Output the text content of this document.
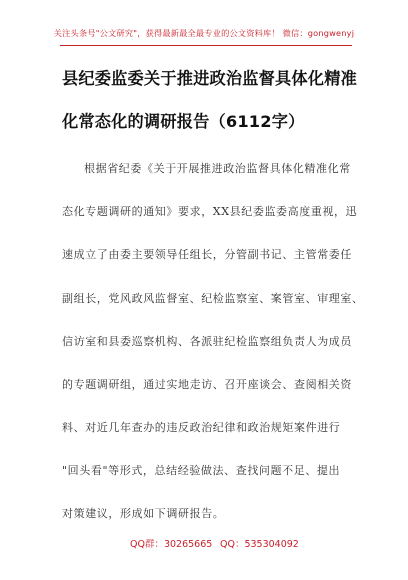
关注头条号"公文研究"，获得最新最全最专业的公文资料库！ 微信：gongwenyj
县纪委监委关于推进政治监督具体化精准
化常态化的调研报告（6112字）
根据省纪委《关于开展推进政治监督具体化精准化常
态化专题调研的通知》要求，XX县纪委监委高度重视，迅
速成立了由委主要领导任组长，分管副书记、主管常委任
副组长，党风政风监督室、纪检监察室、案管室、审理室、
信访室和县委巡察机构、各派驻纪检监察组负责人为成员
的专题调研组，通过实地走访、召开座谈会、查阅相关资
料、对近几年查办的违反政治纪律和政治规矩案件进行
"回头看"等形式，总结经验做法、查找问题不足、提出
对策建议，形成如下调研报告。
QQ群：30265665 QQ：535304092
